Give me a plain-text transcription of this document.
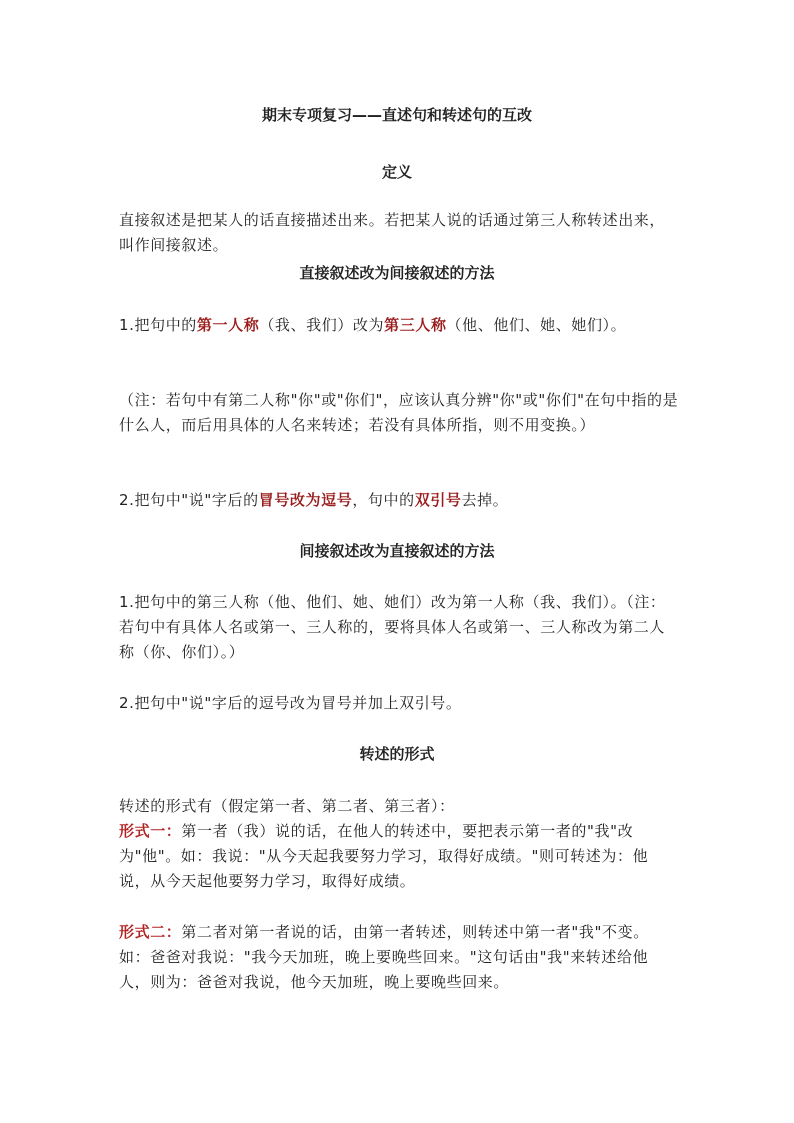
期末专项复习——直述句和转述句的互改
定义
直接叙述是把某人的话直接描述出来。若把某人说的话通过第三人称转述出来，叫作间接叙述。
直接叙述改为间接叙述的方法
1.把句中的第一人称（我、我们）改为第三人称（他、他们、她、她们）。
（注：若句中有第二人称"你"或"你们"，应该认真分辨"你"或"你们"在句中指的是什么人，而后用具体的人名来转述；若没有具体所指，则不用变换。）
2.把句中"说"字后的冒号改为逗号，句中的双引号去掉。
间接叙述改为直接叙述的方法
1.把句中的第三人称（他、他们、她、她们）改为第一人称（我、我们）。（注：若句中有具体人名或第一、三人称的，要将具体人名或第一、三人称改为第二人称（你、你们）。）
2.把句中"说"字后的逗号改为冒号并加上双引号。
转述的形式
转述的形式有（假定第一者、第二者、第三者）：
形式一：第一者（我）说的话，在他人的转述中，要把表示第一者的"我"改为"他"。如：我说："从今天起我要努力学习，取得好成绩。"则可转述为：他说，从今天起他要努力学习，取得好成绩。
形式二：第二者对第一者说的话，由第一者转述，则转述中第一者"我"不变。如：爸爸对我说："我今天加班，晚上要晚些回来。"这句话由"我"来转述给他人，则为：爸爸对我说，他今天加班，晚上要晚些回来。
